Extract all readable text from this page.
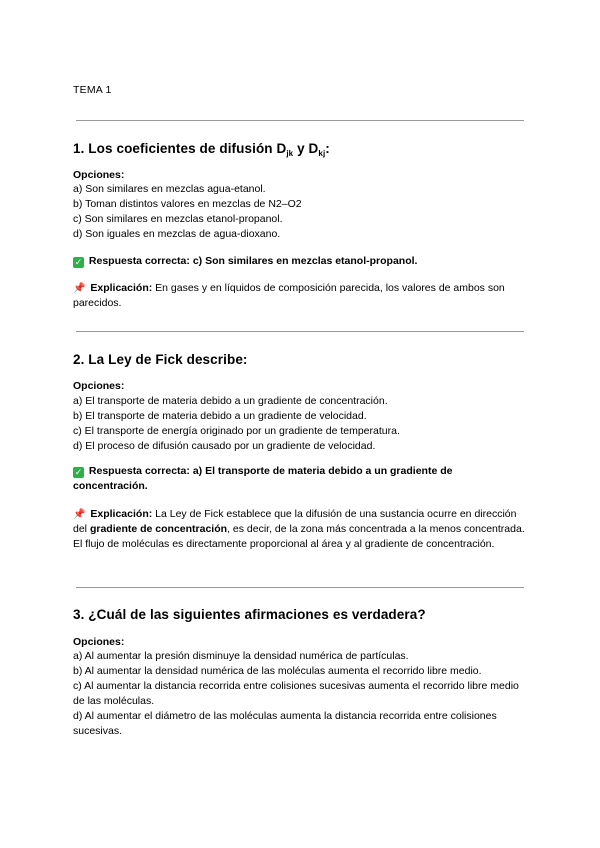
TEMA 1
1. Los coeficientes de difusión $D_{jk}$ y $D_{kj}$:
Opciones:
a) Son similares en mezclas agua-etanol.
b) Toman distintos valores en mezclas de N2–O2
c) Son similares en mezclas etanol-propanol.
d) Son iguales en mezclas de agua-dioxano.
✓ Respuesta correcta: c) Son similares en mezclas etanol-propanol.
📌 Explicación: En gases y en líquidos de composición parecida, los valores de ambos son parecidos.
2. La Ley de Fick describe:
Opciones:
a) El transporte de materia debido a un gradiente de concentración.
b) El transporte de materia debido a un gradiente de velocidad.
c) El transporte de energía originado por un gradiente de temperatura.
d) El proceso de difusión causado por un gradiente de velocidad.
✓ Respuesta correcta: a) El transporte de materia debido a un gradiente de concentración.
📌 Explicación: La Ley de Fick establece que la difusión de una sustancia ocurre en dirección del gradiente de concentración, es decir, de la zona más concentrada a la menos concentrada. El flujo de moléculas es directamente proporcional al área y al gradiente de concentración.
3. ¿Cuál de las siguientes afirmaciones es verdadera?
Opciones:
a) Al aumentar la presión disminuye la densidad numérica de partículas.
b) Al aumentar la densidad numérica de las moléculas aumenta el recorrido libre medio.
c) Al aumentar la distancia recorrida entre colisiones sucesivas aumenta el recorrido libre medio de las moléculas.
d) Al aumentar el diámetro de las moléculas aumenta la distancia recorrida entre colisiones sucesivas.
